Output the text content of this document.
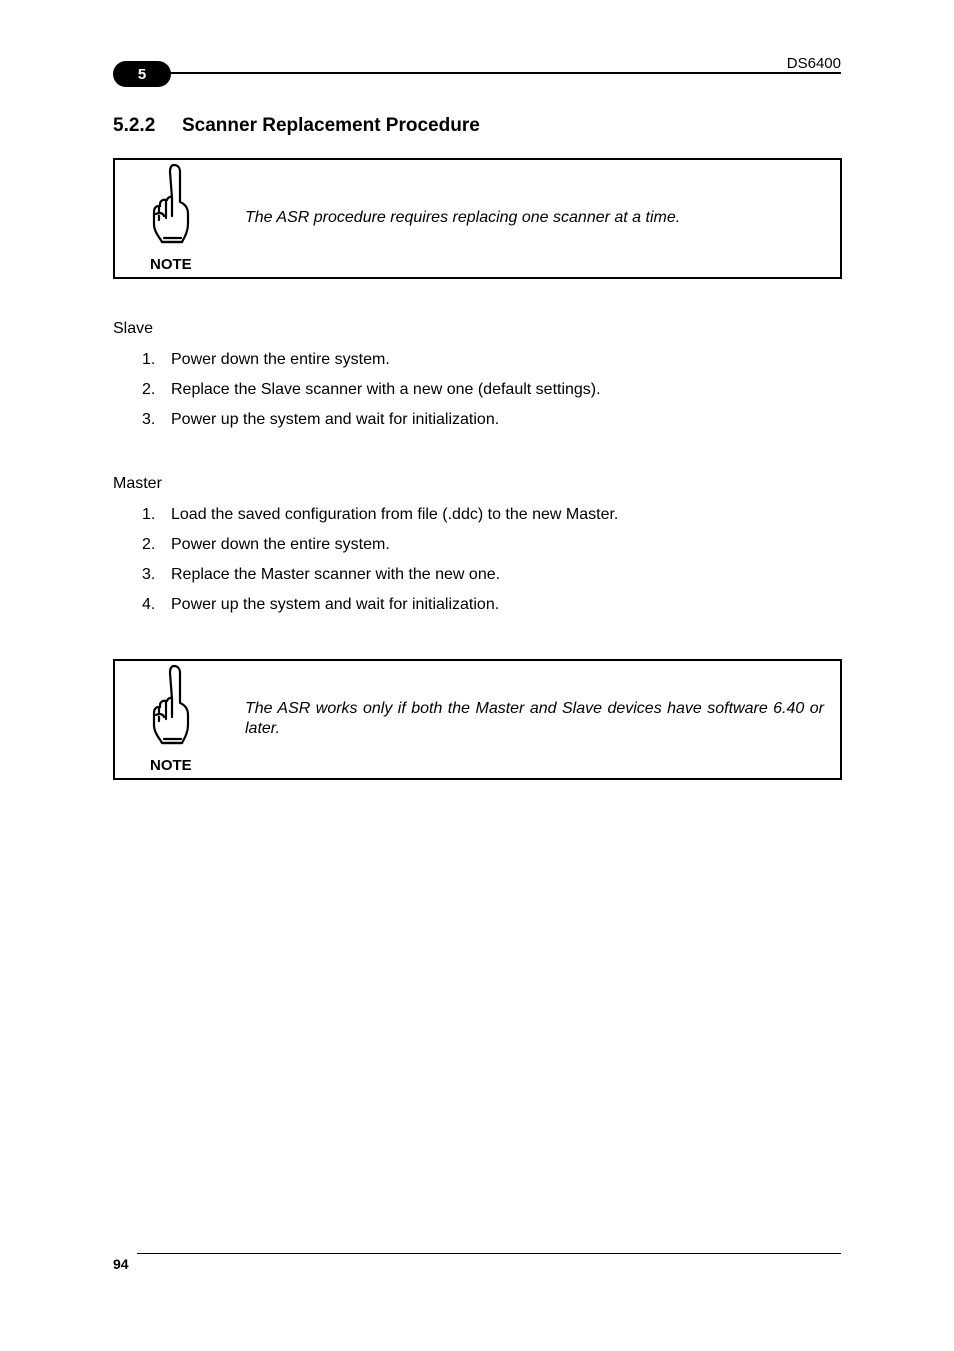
5
DS6400
5.2.2 Scanner Replacement Procedure
NOTE
The ASR procedure requires replacing one scanner at a time.
Slave
1. Power down the entire system.
2. Replace the Slave scanner with a new one (default settings).
3. Power up the system and wait for initialization.
Master
1. Load the saved configuration from file (.ddc) to the new Master.
2. Power down the entire system.
3. Replace the Master scanner with the new one.
4. Power up the system and wait for initialization.
NOTE
The ASR works only if both the Master and Slave devices have software 6.40 or later.
94
